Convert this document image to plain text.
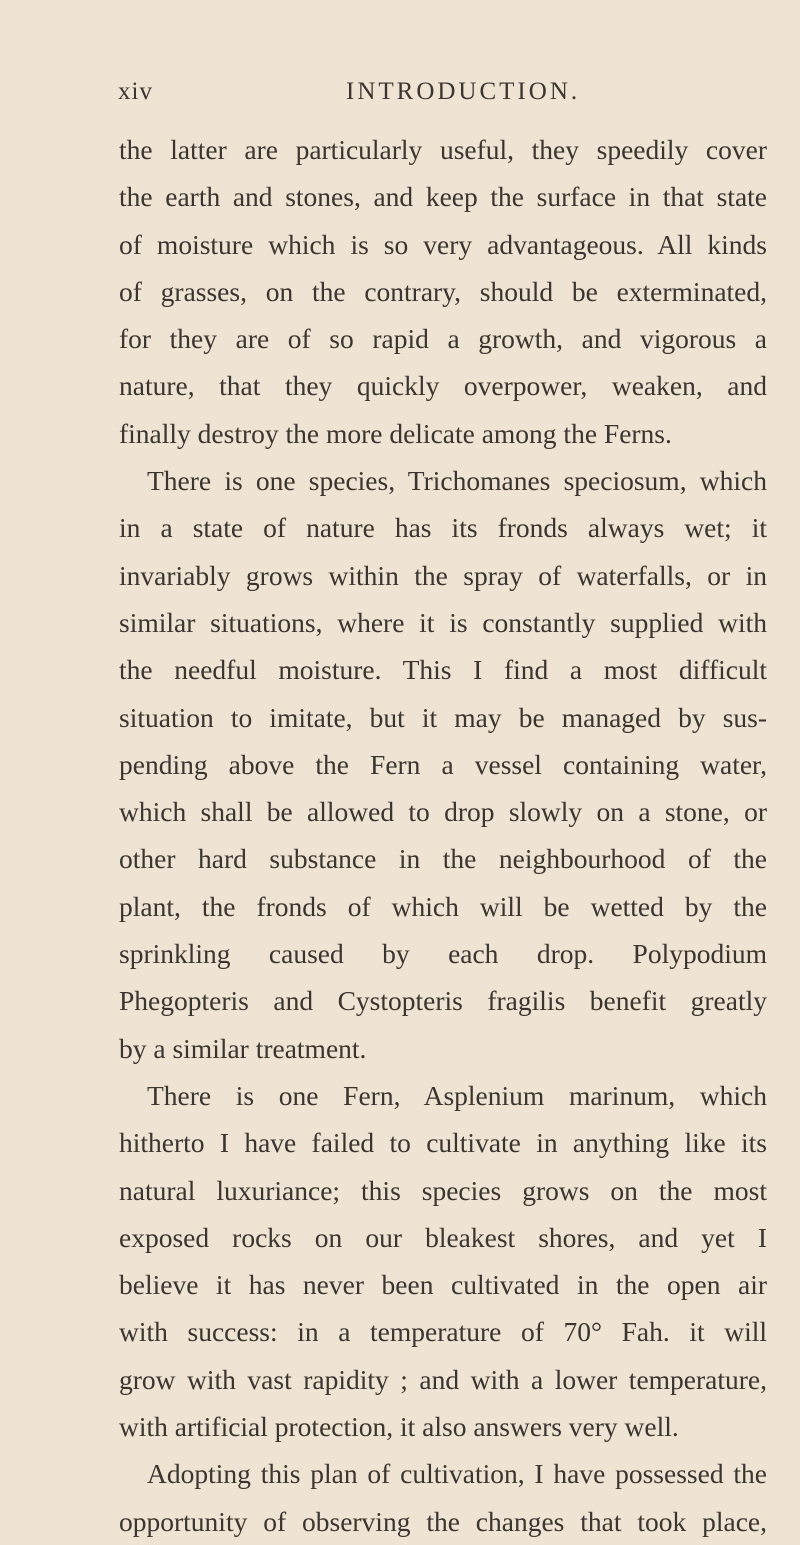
xiv	INTRODUCTION.
the latter are particularly useful, they speedily cover
the earth and stones, and keep the surface in that state
of moisture which is so very advantageous. All kinds
of grasses, on the contrary, should be exterminated,
for they are of so rapid a growth, and vigorous a
nature, that they quickly overpower, weaken, and
finally destroy the more delicate among the Ferns.
There is one species, Trichomanes speciosum, which
in a state of nature has its fronds always wet; it
invariably grows within the spray of waterfalls, or in
similar situations, where it is constantly supplied with
the needful moisture. This I find a most difficult
situation to imitate, but it may be managed by sus-
pending above the Fern a vessel containing water,
which shall be allowed to drop slowly on a stone, or
other hard substance in the neighbourhood of the
plant, the fronds of which will be wetted by the
sprinkling caused by each drop. Polypodium
Phegopteris and Cystopteris fragilis benefit greatly
by a similar treatment.
There is one Fern, Asplenium marinum, which
hitherto I have failed to cultivate in anything like its
natural luxuriance; this species grows on the most
exposed rocks on our bleakest shores, and yet I
believe it has never been cultivated in the open air
with success: in a temperature of 70° Fah. it will
grow with vast rapidity ; and with a lower temperature,
with artificial protection, it also answers very well.
Adopting this plan of cultivation, I have possessed the
opportunity of observing the changes that took place,
